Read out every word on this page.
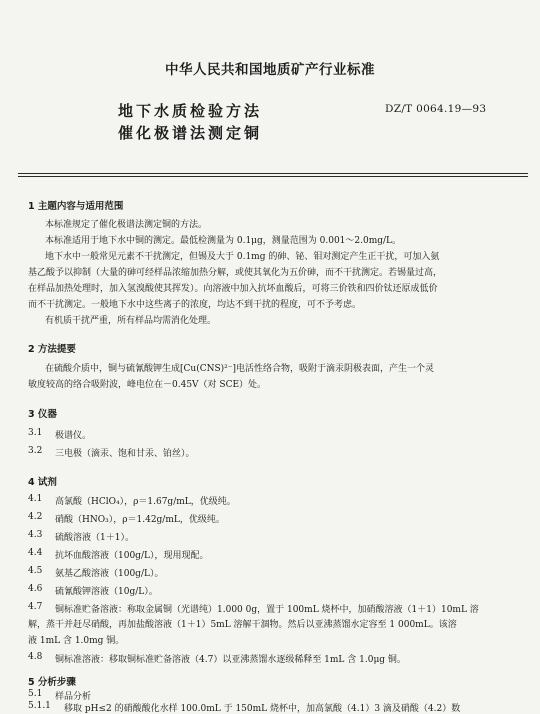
中华人民共和国地质矿产行业标准
地下水质检验方法
催化极谱法测定铜
DZ/T 0064.19—93
1 主题内容与适用范围
本标准规定了催化极谱法测定铜的方法。
本标准适用于地下水中铜的测定。最低检测量为 0.1μg，测量范围为 0.001～2.0mg/L。
地下水中一般常见元素不干扰测定，但锡及大于 0.1mg 的砷、铋、钼对测定产生正干扰，可加入氨
基乙酸予以抑制（大量的砷可经样品浓缩加热分解，或使其氧化为五价砷，而不干扰测定。若锡量过高，
在样品加热处理时，加入氢溴酸使其挥发）。向溶液中加入抗坏血酸后，可将三价铁和四价钛还原成低价
而不干扰测定。一般地下水中这些离子的浓度，均达不到干扰的程度，可不予考虑。
有机质干扰严重，所有样品均需消化处理。
2 方法提要
在硫酸介质中，铜与硫氰酸钾生成[Cu(CNS)²⁻]电活性络合物，吸附于滴汞阴极表面，产生一个灵
敏度较高的络合吸附波，峰电位在－0.45V（对 SCE）处。
3 仪器
3.1 极谱仪。
3.2 三电极（滴汞、饱和甘汞、铂丝）。
4 试剂
4.1 高氯酸（HClO₄），ρ＝1.67g/mL，优级纯。
4.2 硝酸（HNO₃），ρ＝1.42g/mL，优级纯。
4.3 硫酸溶液（1＋1）。
4.4 抗坏血酸溶液（100g/L），现用现配。
4.5 氨基乙酸溶液（100g/L）。
4.6 硫氰酸钾溶液（10g/L）。
4.7 铜标准贮备溶液：称取金属铜（光谱纯）1.000 0g，置于 100mL 烧杯中，加硝酸溶液（1＋1）10mL 溶
解，蒸干并赶尽硝酸，再加盐酸溶液（1＋1）5mL 溶解干涸物。然后以亚沸蒸馏水定容至 1 000mL。该溶
液 1mL 含 1.0mg 铜。
4.8 铜标准溶液：移取铜标准贮备溶液（4.7）以亚沸蒸馏水逐级稀释至 1mL 含 1.0μg 铜。
5 分析步骤
5.1 样品分析
5.1.1 移取 pH≤2 的硝酸酸化水样 100.0mL 于 150mL 烧杯中，加高氯酸（4.1）3 滴及硝酸（4.2）数
